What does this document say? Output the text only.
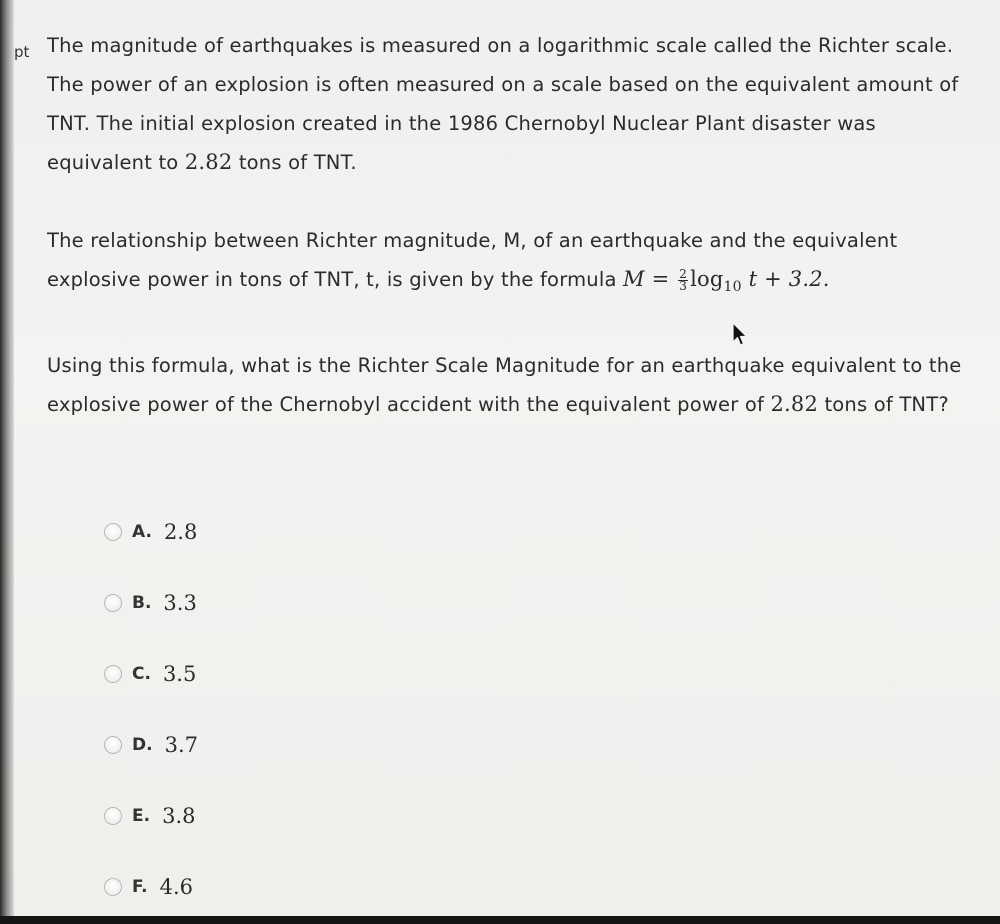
pt The magnitude of earthquakes is measured on a logarithmic scale called the Richter scale. The power of an explosion is often measured on a scale based on the equivalent amount of TNT. The initial explosion created in the 1986 Chernobyl Nuclear Plant disaster was equivalent to 2.82 tons of TNT.

The relationship between Richter magnitude, M, of an earthquake and the equivalent explosive power in tons of TNT, t, is given by the formula $M = \frac{2}{3} \log_{10} t + 3.2$.

Using this formula, what is the Richter Scale Magnitude for an earthquake equivalent to the explosive power of the Chernobyl accident with the equivalent power of 2.82 tons of TNT?

A. 2.8
B. 3.3
C. 3.5
D. 3.7
E. 3.8
F. 4.6
